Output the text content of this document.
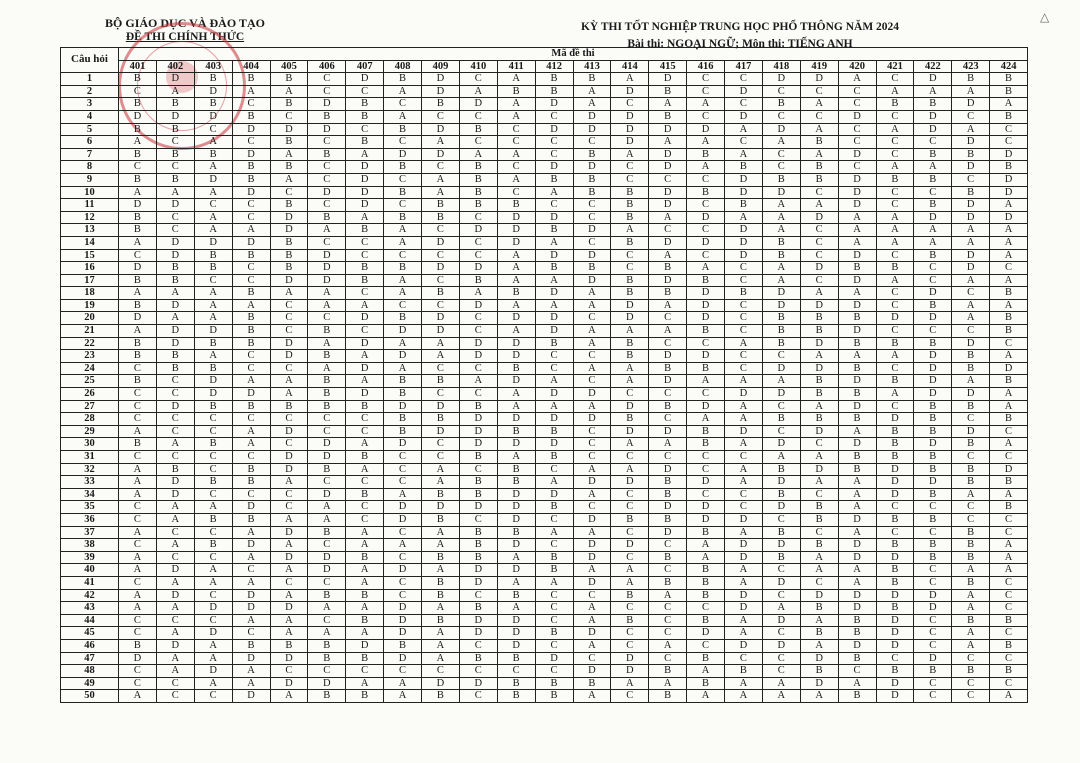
BỘ GIÁO DỤC VÀ ĐÀO TẠO
ĐỀ THI CHÍNH THỨC
KỲ THI TỐT NGHIỆP TRUNG HỌC PHỔ THÔNG NĂM 2024
Bài thi: NGOẠI NGỮ; Môn thi: TIẾNG ANH
△
Câu hỏi	Mã đề thi																							
	401	402	403	404	405	406	407	408	409	410	411	412	413	414	415	416	417	418	419	420	421	422	423	424
1	B	D	B	B	B	C	D	B	D	C	A	B	B	A	D	C	C	D	D	A	C	D	B	B
2	C	A	D	A	A	C	C	A	D	A	B	B	A	D	B	C	D	C	C	C	A	A	A	B
3	B	B	B	C	B	D	B	C	B	D	A	D	A	C	A	A	C	B	A	C	B	B	D	A
4	D	D	D	B	C	B	B	A	C	C	A	C	D	D	B	C	D	C	C	D	C	D	C	B
5	B	B	C	D	D	D	C	B	D	B	C	D	D	D	D	D	A	D	A	C	A	D	A	C
6	A	C	A	C	B	C	B	C	A	C	C	C	C	D	A	A	C	A	B	C	C	C	D	C
7	B	B	B	D	A	B	A	D	D	A	A	C	B	A	D	B	A	C	A	D	C	B	B	D
8	C	C	A	B	B	C	D	B	C	B	C	D	D	C	D	A	B	C	B	C	A	A	D	B
9	B	B	D	B	A	C	D	C	A	B	A	B	B	C	C	C	D	B	B	D	B	B	C	D
10	A	A	A	D	C	D	D	B	A	B	C	A	B	B	D	B	D	D	C	D	C	C	B	D
11	D	D	C	C	B	C	D	C	B	B	B	C	C	B	D	C	B	A	A	D	C	B	D	A
12	B	C	A	C	D	B	A	B	B	C	D	D	C	B	A	D	A	A	D	A	A	D	D	D
13	B	C	A	A	D	A	B	A	C	D	D	B	D	A	C	C	D	A	C	A	A	A	A	A
14	A	D	D	D	B	C	C	A	D	C	D	A	C	B	D	D	D	B	C	A	A	A	A	A
15	C	D	B	B	B	D	C	C	C	C	A	D	D	C	A	C	D	B	C	D	C	B	D	A
16	D	B	B	C	B	D	B	B	D	D	A	B	B	C	B	A	C	A	D	B	B	C	D	C
17	B	B	C	C	D	D	B	A	C	B	A	A	D	B	D	B	C	A	C	D	A	C	A	A
18	A	A	A	B	A	A	C	A	B	A	B	D	A	B	B	D	B	D	A	A	C	D	C	B
19	B	D	A	A	C	A	A	C	C	D	A	A	A	D	A	D	C	D	D	D	C	B	A	A
20	D	A	A	B	C	C	D	B	D	C	D	D	C	D	C	D	C	B	B	B	D	D	A	B
21	A	D	D	B	C	B	C	D	D	C	A	D	A	A	A	B	C	B	B	D	C	C	C	B
22	B	D	B	B	D	A	D	A	A	D	D	B	A	B	C	C	A	B	D	B	B	B	D	C
23	B	B	A	C	D	B	A	D	A	D	D	C	C	B	D	D	C	C	A	A	A	D	B	A
24	C	B	B	C	C	A	D	A	C	C	B	C	A	A	B	B	C	D	D	B	C	D	B	D
25	B	C	D	A	A	B	A	B	B	A	D	A	C	A	D	A	A	A	B	D	B	D	A	B
26	C	C	D	D	A	B	D	B	C	C	A	D	D	C	C	C	D	D	B	B	A	D	D	A
27	C	D	B	B	B	B	B	D	D	B	A	A	A	D	B	D	A	C	A	D	C	B	B	A
28	C	C	C	C	C	C	C	B	B	D	D	D	D	B	C	A	A	B	B	B	D	B	C	B
29	A	C	C	A	D	C	C	B	D	D	B	B	C	D	D	B	D	C	D	A	B	B	D	C
30	B	A	B	A	C	D	A	D	C	D	D	D	C	A	A	B	A	D	C	D	B	D	B	A
31	C	C	C	C	D	D	B	C	C	B	A	B	C	C	C	C	C	A	A	B	B	B	C	C
32	A	B	C	B	D	B	A	C	A	C	B	C	A	A	D	C	A	B	D	B	D	B	B	D
33	A	D	B	B	A	C	C	C	A	B	B	A	D	D	B	D	A	D	A	A	D	D	B	B
34	A	D	C	C	C	D	B	A	B	B	D	D	A	C	B	C	C	B	C	A	D	B	A	A
35	C	A	A	D	C	A	C	D	D	D	D	B	C	C	D	D	C	D	B	A	C	C	C	B
36	C	A	B	B	A	A	C	D	B	C	D	C	D	B	B	D	D	C	B	D	B	B	C	C
37	A	C	C	A	D	B	A	C	A	B	B	A	A	C	D	B	A	B	C	A	C	C	B	C
38	C	A	B	D	A	C	A	A	A	B	D	C	D	D	C	A	D	D	B	D	B	B	B	A
39	A	C	C	A	D	D	B	C	B	B	A	B	D	C	B	A	D	B	A	D	D	B	B	A
40	A	D	A	C	A	D	A	D	A	D	D	B	A	A	C	B	A	C	A	A	B	C	A	A
41	C	A	A	A	C	C	A	C	B	D	A	A	D	A	B	B	A	D	C	A	B	C	B	C
42	A	D	C	D	A	B	B	C	B	C	B	C	C	B	A	B	D	C	D	D	D	D	A	C
43	A	A	D	D	D	A	A	D	A	B	A	C	A	C	C	C	D	A	B	D	B	D	A	C
44	C	C	C	A	A	C	B	D	B	D	D	C	A	B	C	B	A	D	A	B	D	C	B	B
45	C	A	D	C	A	A	A	D	A	D	D	B	D	C	C	D	A	C	B	B	D	C	A	C
46	B	D	A	B	B	B	D	B	A	C	D	C	A	C	A	C	D	D	A	D	D	C	A	B
47	D	A	A	D	D	B	B	D	A	B	B	D	C	D	C	B	C	C	D	B	C	D	C	C
48	C	A	D	A	C	C	C	C	C	C	C	C	D	D	B	A	B	C	B	C	B	B	B	B
49	C	C	A	A	D	D	A	A	D	D	B	B	B	A	A	B	A	A	D	A	D	C	C	C
50	A	C	C	D	A	B	B	A	B	C	B	B	A	C	B	A	A	A	A	B	D	C	C	A
